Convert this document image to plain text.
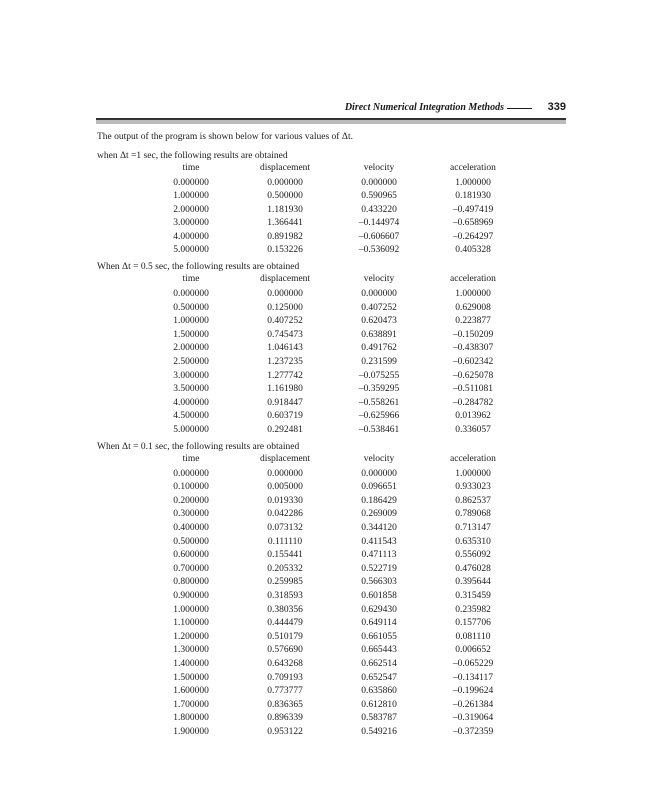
Direct Numerical Integration Methods	339
The output of the program is shown below for various values of Δt.
when Δt =1 sec, the following results are obtained
time	displacement	velocity	acceleration
0.000000	0.000000	0.000000	1.000000
1.000000	0.500000	0.590965	0.181930
2.000000	1.181930	0.433220	–0.497419
3.000000	1.366441	–0.144974	–0.658969
4.000000	0.891982	–0.606607	–0.264297
5.000000	0.153226	–0.536092	0.405328
When Δt = 0.5 sec, the following results are obtained
time	displacement	velocity	acceleration
0.000000	0.000000	0.000000	1.000000
0.500000	0.125000	0.407252	0.629008
1.000000	0.407252	0.620473	0.223877
1.500000	0.745473	0.638891	–0.150209
2.000000	1.046143	0.491762	–0.438307
2.500000	1.237235	0.231599	–0.602342
3.000000	1.277742	–0.075255	–0.625078
3.500000	1.161980	–0.359295	–0.511081
4.000000	0.918447	–0.558261	–0.284782
4.500000	0.603719	–0.625966	0.013962
5.000000	0.292481	–0.538461	0.336057
When Δt = 0.1 sec, the following results are obtained
time	displacement	velocity	acceleration
0.000000	0.000000	0.000000	1.000000
0.100000	0.005000	0.096651	0.933023
0.200000	0.019330	0.186429	0.862537
0.300000	0.042286	0.269009	0.789068
0.400000	0.073132	0.344120	0.713147
0.500000	0.111110	0.411543	0.635310
0.600000	0.155441	0.471113	0.556092
0.700000	0.205332	0.522719	0.476028
0.800000	0.259985	0.566303	0.395644
0.900000	0.318593	0.601858	0.315459
1.000000	0.380356	0.629430	0.235982
1.100000	0.444479	0.649114	0.157706
1.200000	0.510179	0.661055	0.081110
1.300000	0.576690	0.665443	0.006652
1.400000	0.643268	0.662514	–0.065229
1.500000	0.709193	0.652547	–0.134117
1.600000	0.773777	0.635860	–0.199624
1.700000	0.836365	0.612810	–0.261384
1.800000	0.896339	0.583787	–0.319064
1.900000	0.953122	0.549216	–0.372359
